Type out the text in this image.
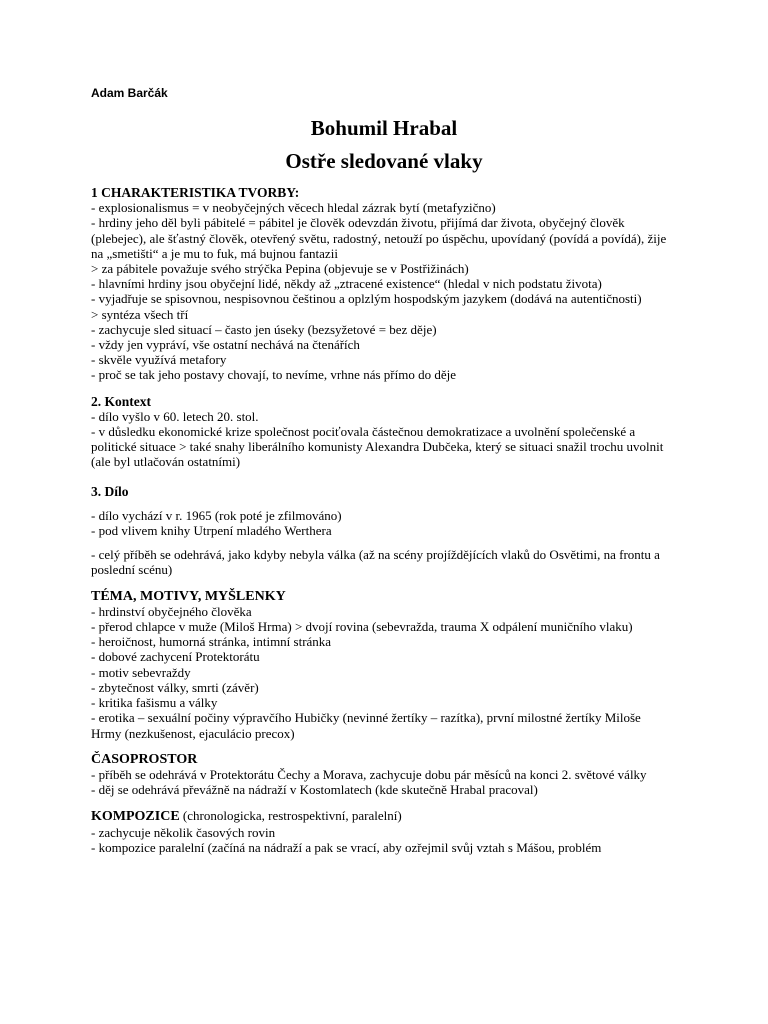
Adam Barčák
Bohumil Hrabal
Ostře sledované vlaky
1 CHARAKTERISTIKA TVORBY:
- explosionalismus = v neobyčejných věcech hledal zázrak bytí (metafyzično)
- hrdiny jeho děl byli pábitelé = pábitel je člověk odevzdán životu, přijímá dar života, obyčejný člověk (plebejec), ale šťastný člověk, otevřený světu, radostný, netouží po úspěchu, upovídaný (povídá a povídá), žije na „smetišti“ a je mu to fuk, má bujnou fantazii
> za pábitele považuje svého strýčka Pepina (objevuje se v Postřižinách)
- hlavními hrdiny jsou obyčejní lidé, někdy až „ztracené existence“ (hledal v nich podstatu života)
- vyjadřuje se spisovnou, nespisovnou češtinou a oplzlým hospodským jazykem (dodává na autentičnosti)
> syntéza všech tří
- zachycuje sled situací – často jen úseky (bezsyžetové = bez děje)
- vždy jen vypráví, vše ostatní nechává na čtenářích
- skvěle využívá metafory
- proč se tak jeho postavy chovají, to nevíme, vrhne nás přímo do děje
2. Kontext
- dílo vyšlo v 60. letech 20. stol.
- v důsledku ekonomické krize společnost pociťovala částečnou demokratizace a uvolnění společenské a politické situace > také snahy liberálního komunisty Alexandra Dubčeka, který se situaci snažil trochu uvolnit (ale byl utlačován ostatními)
3. Dílo
- dílo vychází v r. 1965 (rok poté je zfilmováno)
- pod vlivem knihy Utrpení mladého Werthera
- celý příběh se odehrává, jako kdyby nebyla válka (až na scény projíždějících vlaků do Osvětimi, na frontu a poslední scénu)
TÉMA, MOTIVY, MYŠLENKY
- hrdinství obyčejného člověka
- přerod chlapce v muže (Miloš Hrma) > dvojí rovina (sebevražda, trauma X odpálení muničního vlaku)
- heroičnost, humorná stránka, intimní stránka
- dobové zachycení Protektorátu
- motiv sebevraždy
- zbytečnost války, smrti (závěr)
- kritika fašismu a války
- erotika – sexuální počiny výpravčího Hubičky (nevinné žertíky – razítka), první milostné žertíky Miloše Hrmy (nezkušenost, ejaculácio precox)
ČASOPROSTOR
- příběh se odehrává v Protektorátu Čechy a Morava, zachycuje dobu pár měsíců na konci 2. světové války
- děj se odehrává převážně na nádraží v Kostomlatech (kde skutečně Hrabal pracoval)
KOMPOZICE (chronologicka, restrospektivní, paralelní)
- zachycuje několik časových rovin
- kompozice paralelní (začíná na nádraží a pak se vrací, aby ozřejmil svůj vztah s Mášou, problém
